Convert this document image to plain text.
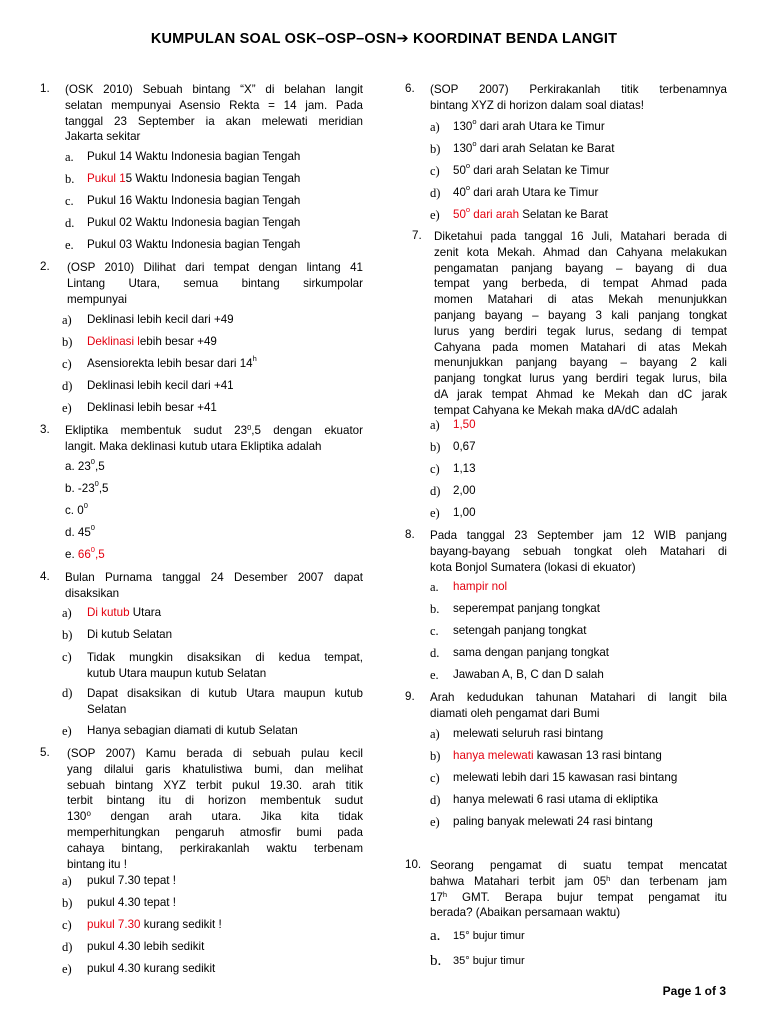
KUMPULAN SOAL OSK–OSP–OSN➔ KOORDINAT BENDA LANGIT
1. (OSK 2010) Sebuah bintang “X” di belahan langit
selatan mempunyai Asensio Rekta = 14 jam. Pada
tanggal 23 September ia akan melewati meridian
Jakarta sekitar
a. Pukul 14 Waktu Indonesia bagian Tengah
b. Pukul 15 Waktu Indonesia bagian Tengah
c. Pukul 16 Waktu Indonesia bagian Tengah
d. Pukul 02 Waktu Indonesia bagian Tengah
e. Pukul 03 Waktu Indonesia bagian Tengah
2. (OSP 2010) Dilihat dari tempat dengan lintang 41
Lintang Utara, semua bintang sirkumpolar
mempunyai
a) Deklinasi lebih kecil dari +49
b) Deklinasi lebih besar +49
c) Asensiorekta lebih besar dari 14$^h$
d) Deklinasi lebih kecil dari +41
e) Deklinasi lebih besar +41
3. Ekliptika membentuk sudut $23^0,5$ dengan ekuator
langit. Maka deklinasi kutub utara Ekliptika adalah
a. $23^0,5$
b. $-23^0,5$
c. $0^0$
d. $45^0$
e. $66^0,5$
4. Bulan Purnama tanggal 24 Desember 2007 dapat
disaksikan
a) Di kutub Utara
b) Di kutub Selatan
c) Tidak mungkin disaksikan di kedua tempat,
kutub Utara maupun kutub Selatan
d) Dapat disaksikan di kutub Utara maupun kutub
Selatan
e) Hanya sebagian diamati di kutub Selatan
5. (SOP 2007) Kamu berada di sebuah pulau kecil
yang dilalui garis khatulistiwa bumi, dan melihat
sebuah bintang XYZ terbit pukul 19.30. arah titik
terbit bintang itu di horizon membentuk sudut
130⁰ dengan arah utara. Jika kita tidak
memperhitungkan pengaruh atmosfir bumi pada
cahaya bintang, perkirakanlah waktu terbenam
bintang itu !
a) pukul 7.30 tepat !
b) pukul 4.30 tepat !
c) pukul 7.30 kurang sedikit !
d) pukul 4.30 lebih sedikit
e) pukul 4.30 kurang sedikit
6. (SOP 2007) Perkirakanlah titik terbenamnya
bintang XYZ di horizon dalam soal diatas!
a) 130$^o$ dari arah Utara ke Timur
b) 130$^o$ dari arah Selatan ke Barat
c) 50$^o$ dari arah Selatan ke Timur
d) 40$^o$ dari arah Utara ke Timur
e) 50$^o$ dari arah Selatan ke Barat
7. Diketahui pada tanggal 16 Juli, Matahari berada di
zenit kota Mekah. Ahmad dan Cahyana melakukan
pengamatan panjang bayang – bayang di dua
tempat yang berbeda, di tempat Ahmad pada
momen Matahari di atas Mekah menunjukkan
panjang bayang – bayang 3 kali panjang tongkat
lurus yang berdiri tegak lurus, sedang di tempat
Cahyana pada momen Matahari di atas Mekah
menunjukkan panjang bayang – bayang 2 kali
panjang tongkat lurus yang berdiri tegak lurus, bila
dA jarak tempat Ahmad ke Mekah dan dC jarak
tempat Cahyana ke Mekah maka dA/dC adalah
a) 1,50
b) 0,67
c) 1,13
d) 2,00
e) 1,00
8. Pada tanggal 23 September jam 12 WIB panjang
bayang-bayang sebuah tongkat oleh Matahari di
kota Bonjol Sumatera (lokasi di ekuator)
a. hampir nol
b. seperempat panjang tongkat
c. setengah panjang tongkat
d. sama dengan panjang tongkat
e. Jawaban A, B, C dan D salah
9. Arah kedudukan tahunan Matahari di langit bila
diamati oleh pengamat dari Bumi
a) melewati seluruh rasi bintang
b) hanya melewati kawasan 13 rasi bintang
c) melewati lebih dari 15 kawasan rasi bintang
d) hanya melewati 6 rasi utama di ekliptika
e) paling banyak melewati 24 rasi bintang
10. Seorang pengamat di suatu tempat mencatat
bahwa Matahari terbit jam 05$^h$ dan terbenam jam
17$^h$ GMT. Berapa bujur tempat pengamat itu
berada? (Abaikan persamaan waktu)
a. 15° bujur timur
b. 35° bujur timur
Page 1 of 3
